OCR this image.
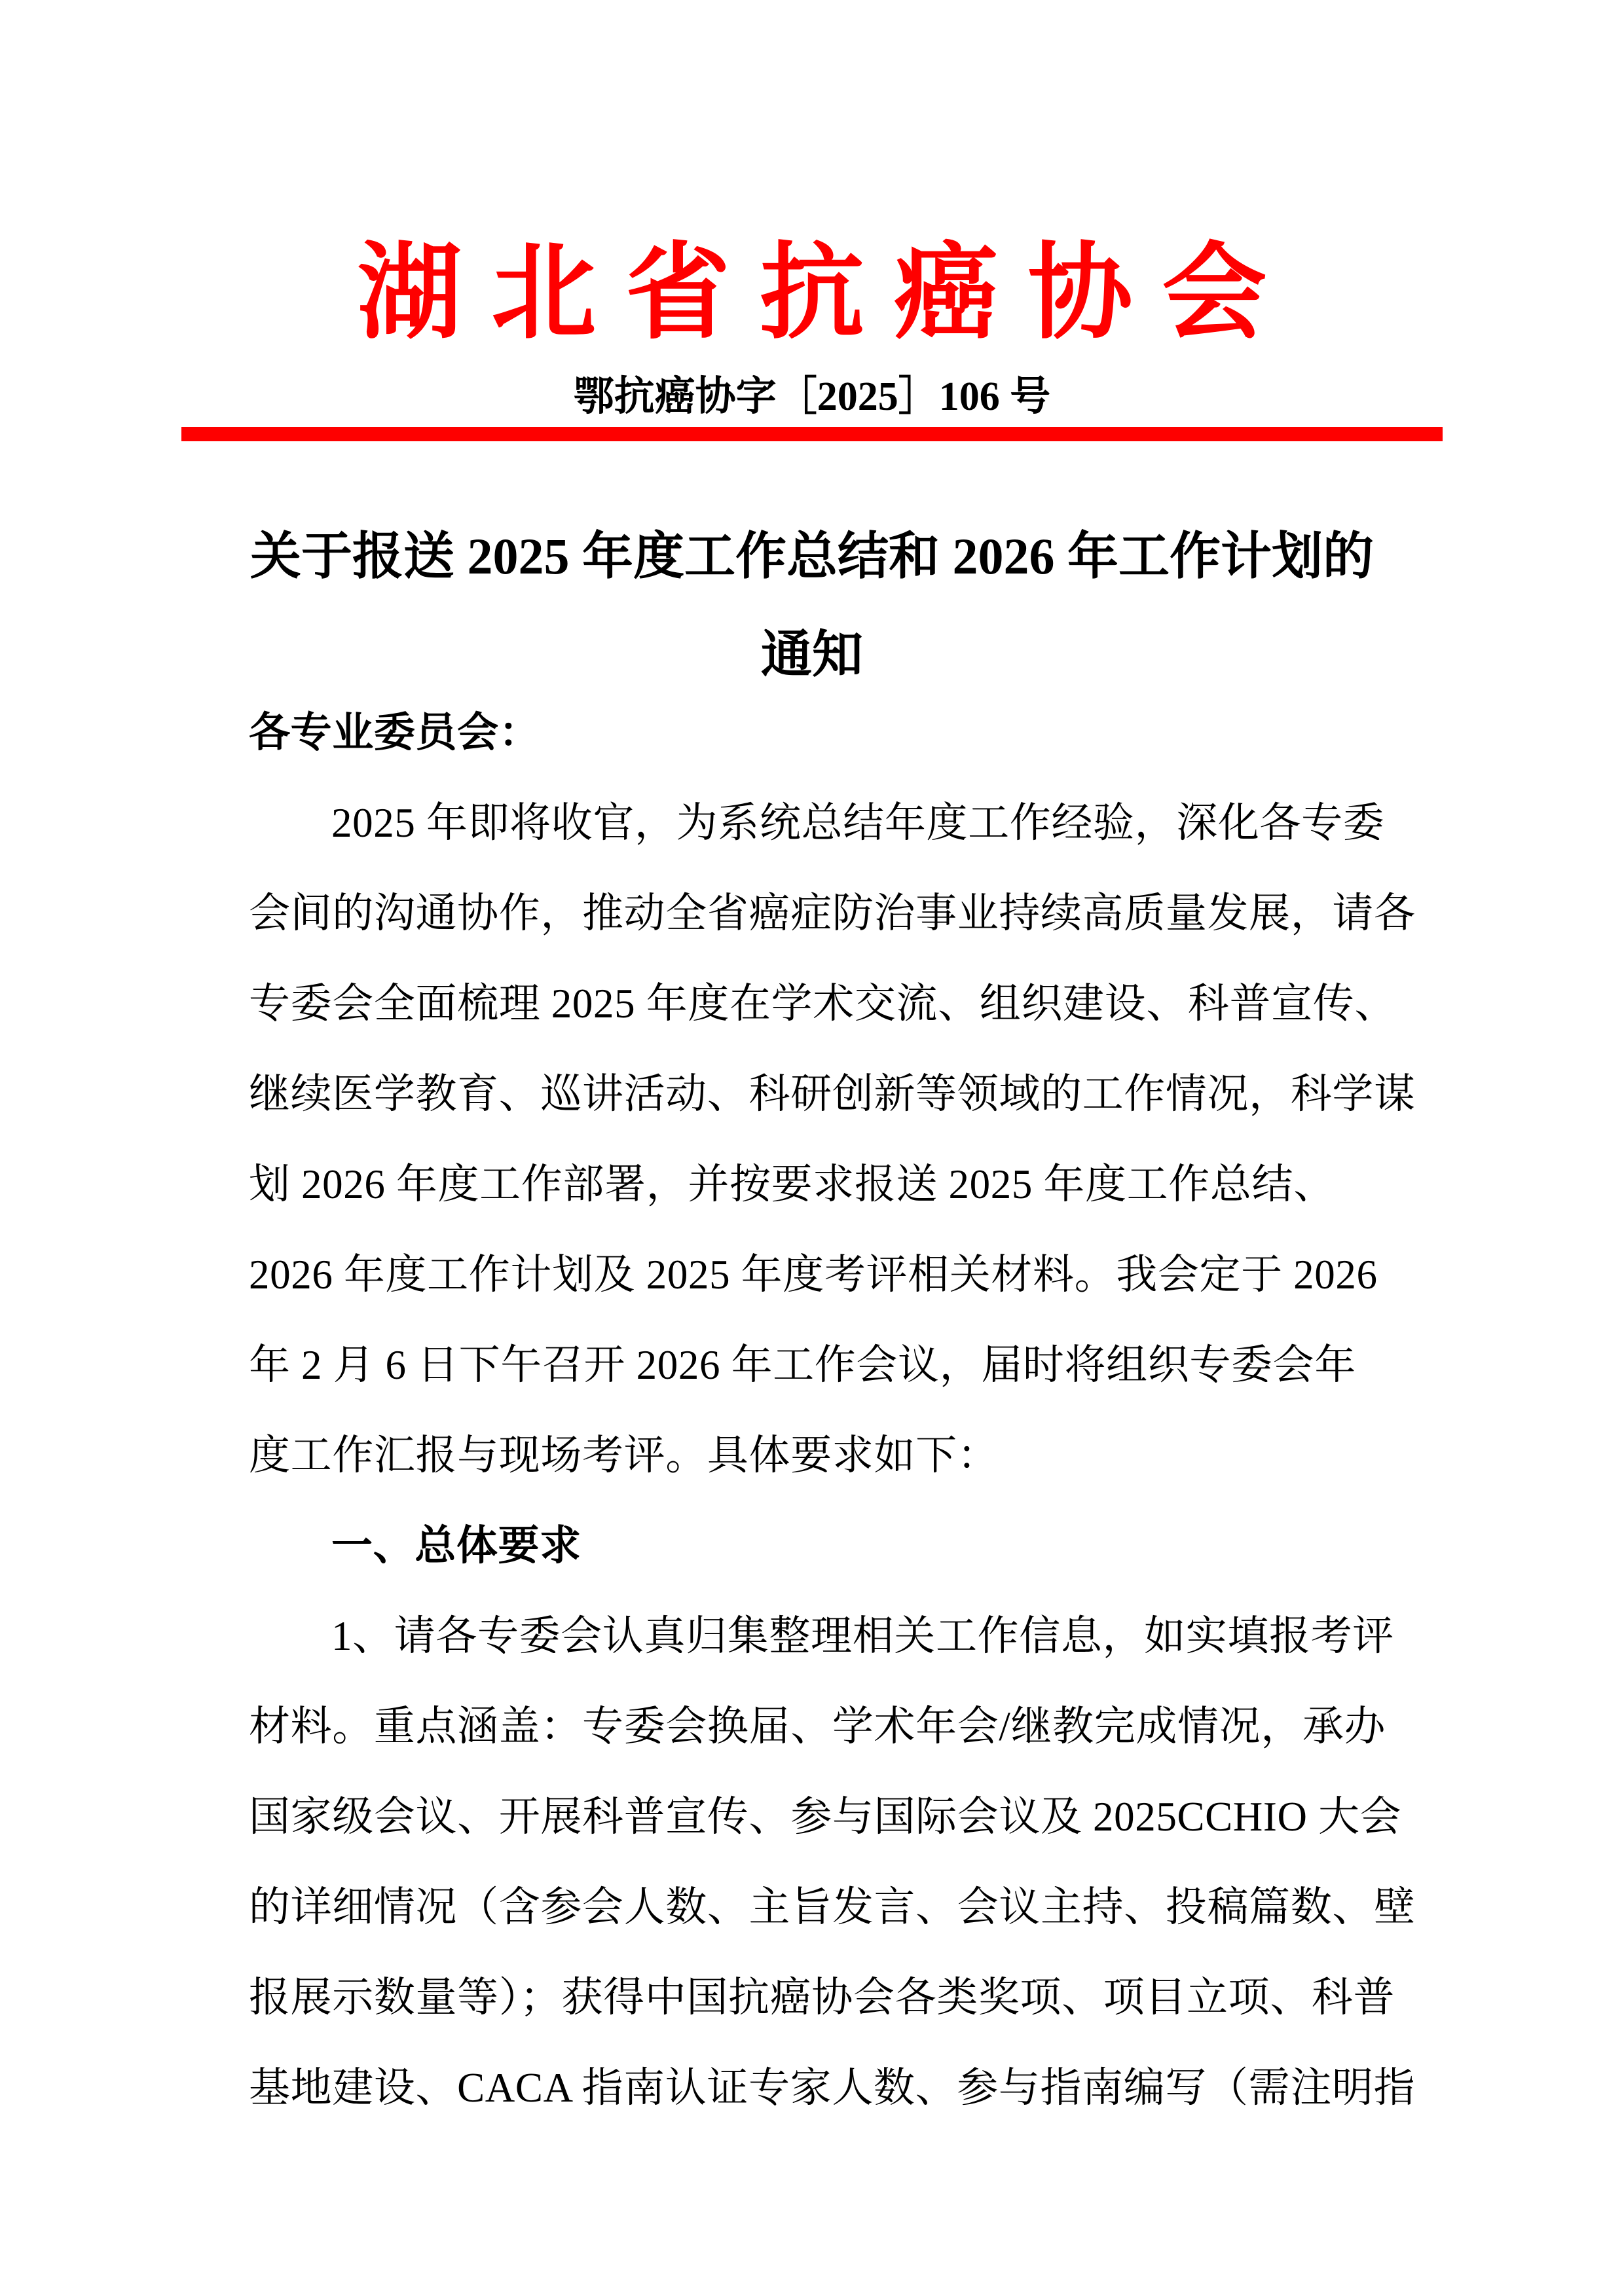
湖北省抗癌协会
鄂抗癌协字［2025］106 号
关于报送 2025 年度工作总结和 2026 年工作计划的
通知
各专业委员会：
2025 年即将收官，为系统总结年度工作经验，深化各专委
会间的沟通协作，推动全省癌症防治事业持续高质量发展，请各
专委会全面梳理 2025 年度在学术交流、组织建设、科普宣传、
继续医学教育、巡讲活动、科研创新等领域的工作情况，科学谋
划 2026 年度工作部署，并按要求报送 2025 年度工作总结、
2026 年度工作计划及 2025 年度考评相关材料。我会定于 2026
年 2 月 6 日下午召开 2026 年工作会议，届时将组织专委会年
度工作汇报与现场考评。具体要求如下：
一、总体要求
1、请各专委会认真归集整理相关工作信息，如实填报考评
材料。重点涵盖：专委会换届、学术年会/继教完成情况，承办
国家级会议、开展科普宣传、参与国际会议及 2025CCHIO 大会
的详细情况（含参会人数、主旨发言、会议主持、投稿篇数、壁
报展示数量等）；获得中国抗癌协会各类奖项、项目立项、科普
基地建设、CACA 指南认证专家人数、参与指南编写（需注明指
